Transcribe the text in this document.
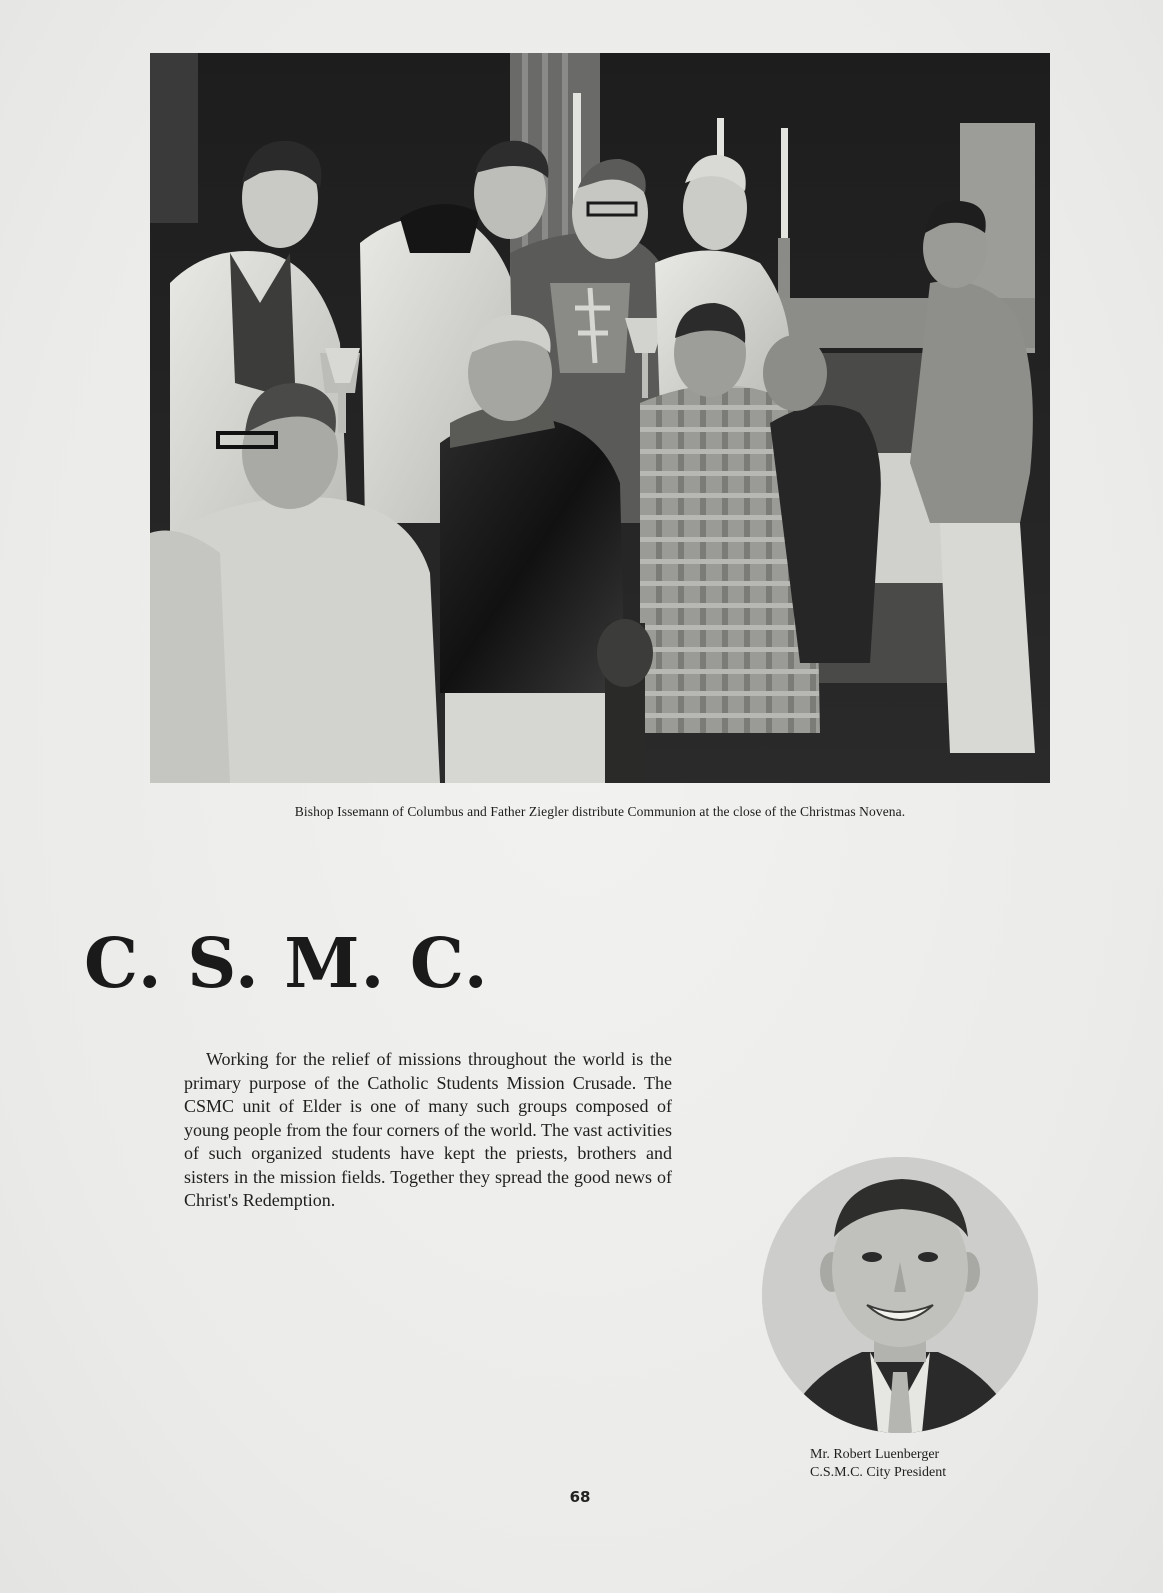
Bishop Issemann of Columbus and Father Ziegler distribute Communion at the close of the Christmas Novena.
C. S. M. C.
Working for the relief of missions throughout the world is the primary purpose of the Catholic Students Mission Crusade. The CSMC unit of Elder is one of many such groups composed of young people from the four corners of the world. The vast activities of such organized students have kept the priests, brothers and sisters in the mission fields. Together they spread the good news of Christ's Redemption.
Mr. Robert Luenberger
C.S.M.C. City President
68
